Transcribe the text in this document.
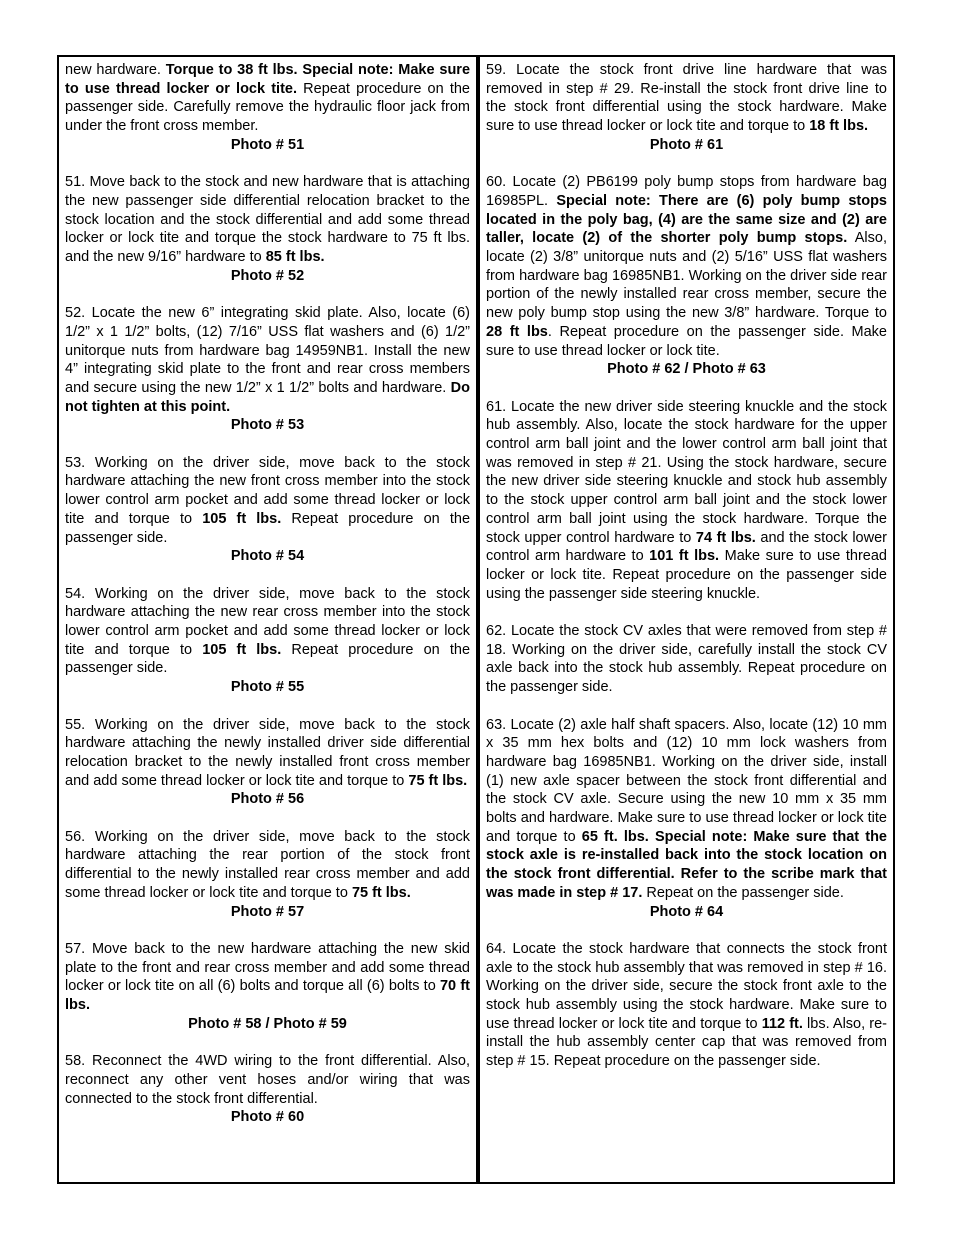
new hardware. Torque to 38 ft lbs. Special note: Make sure to use thread locker or lock tite. Repeat procedure on the passenger side. Carefully remove the hydraulic floor jack from under the front cross member.

Photo # 51

51. Move back to the stock and new hardware that is attaching the new passenger side differential relocation bracket to the stock location and the stock differential and add some thread locker or lock tite and torque the stock hardware to 75 ft lbs. and the new 9/16” hardware to 85 ft lbs.

Photo # 52

52. Locate the new 6” integrating skid plate. Also, locate (6) 1/2” x 1 1/2” bolts, (12) 7/16” USS flat washers and (6) 1/2” unitorque nuts from hardware bag 14959NB1. Install the new 4” integrating skid plate to the front and rear cross members and secure using the new 1/2” x 1 1/2” bolts and hardware. Do not tighten at this point.

Photo # 53

53. Working on the driver side, move back to the stock hardware attaching the new front cross member into the stock lower control arm pocket and add some thread locker or lock tite and torque to 105 ft lbs. Repeat procedure on the passenger side.

Photo # 54

54. Working on the driver side, move back to the stock hardware attaching the new rear cross member into the stock lower control arm pocket and add some thread locker or lock tite and torque to 105 ft lbs. Repeat procedure on the passenger side.

Photo # 55

55. Working on the driver side, move back to the stock hardware attaching the newly installed driver side differential relocation bracket to the newly installed front cross member and add some thread locker or lock tite and torque to 75 ft lbs.

Photo # 56

56. Working on the driver side, move back to the stock hardware attaching the rear portion of the stock front differential to the newly installed rear cross member and add some thread locker or lock tite and torque to 75 ft lbs.

Photo # 57

57. Move back to the new hardware attaching the new skid plate to the front and rear cross member and add some thread locker or lock tite on all (6) bolts and torque all (6) bolts to 70 ft lbs.

Photo # 58 / Photo # 59

58. Reconnect the 4WD wiring to the front differential. Also, reconnect any other vent hoses and/or wiring that was connected to the stock front differential.

Photo # 60

59. Locate the stock front drive line hardware that was removed in step # 29. Re-install the stock front drive line to the stock front differential using the stock hardware. Make sure to use thread locker or lock tite and torque to 18 ft lbs.

Photo # 61

60. Locate (2) PB6199 poly bump stops from hardware bag 16985PL. Special note: There are (6) poly bump stops located in the poly bag, (4) are the same size and (2) are taller, locate (2) of the shorter poly bump stops. Also, locate (2) 3/8” unitorque nuts and (2) 5/16” USS flat washers from hardware bag 16985NB1. Working on the driver side rear portion of the newly installed rear cross member, secure the new poly bump stop using the new 3/8” hardware. Torque to 28 ft lbs. Repeat procedure on the passenger side. Make sure to use thread locker or lock tite.

Photo # 62 / Photo # 63

61. Locate the new driver side steering knuckle and the stock hub assembly. Also, locate the stock hardware for the upper control arm ball joint and the lower control arm ball joint that was removed in step # 21. Using the stock hardware, secure the new driver side steering knuckle and stock hub assembly to the stock upper control arm ball joint and the stock lower control arm ball joint using the stock hardware. Torque the stock upper control hardware to 74 ft lbs. and the stock lower control arm hardware to 101 ft lbs. Make sure to use thread locker or lock tite. Repeat procedure on the passenger side using the passenger side steering knuckle.

62. Locate the stock CV axles that were removed from step # 18. Working on the driver side, carefully install the stock CV axle back into the stock hub assembly. Repeat procedure on the passenger side.

63. Locate (2) axle half shaft spacers. Also, locate (12) 10 mm x 35 mm hex bolts and (12) 10 mm lock washers from hardware bag 16985NB1. Working on the driver side, install (1) new axle spacer between the stock front differential and the stock CV axle. Secure using the new 10 mm x 35 mm bolts and hardware. Make sure to use thread locker or lock tite and torque to 65 ft. lbs. Special note: Make sure that the stock axle is re-installed back into the stock location on the stock front differential. Refer to the scribe mark that was made in step # 17. Repeat on the passenger side.

Photo # 64

64. Locate the stock hardware that connects the stock front axle to the stock hub assembly that was removed in step # 16. Working on the driver side, secure the stock front axle to the stock hub assembly using the stock hardware. Make sure to use thread locker or lock tite and torque to 112 ft. lbs. Also, re-install the hub assembly center cap that was removed from step # 15. Repeat procedure on the passenger side.
